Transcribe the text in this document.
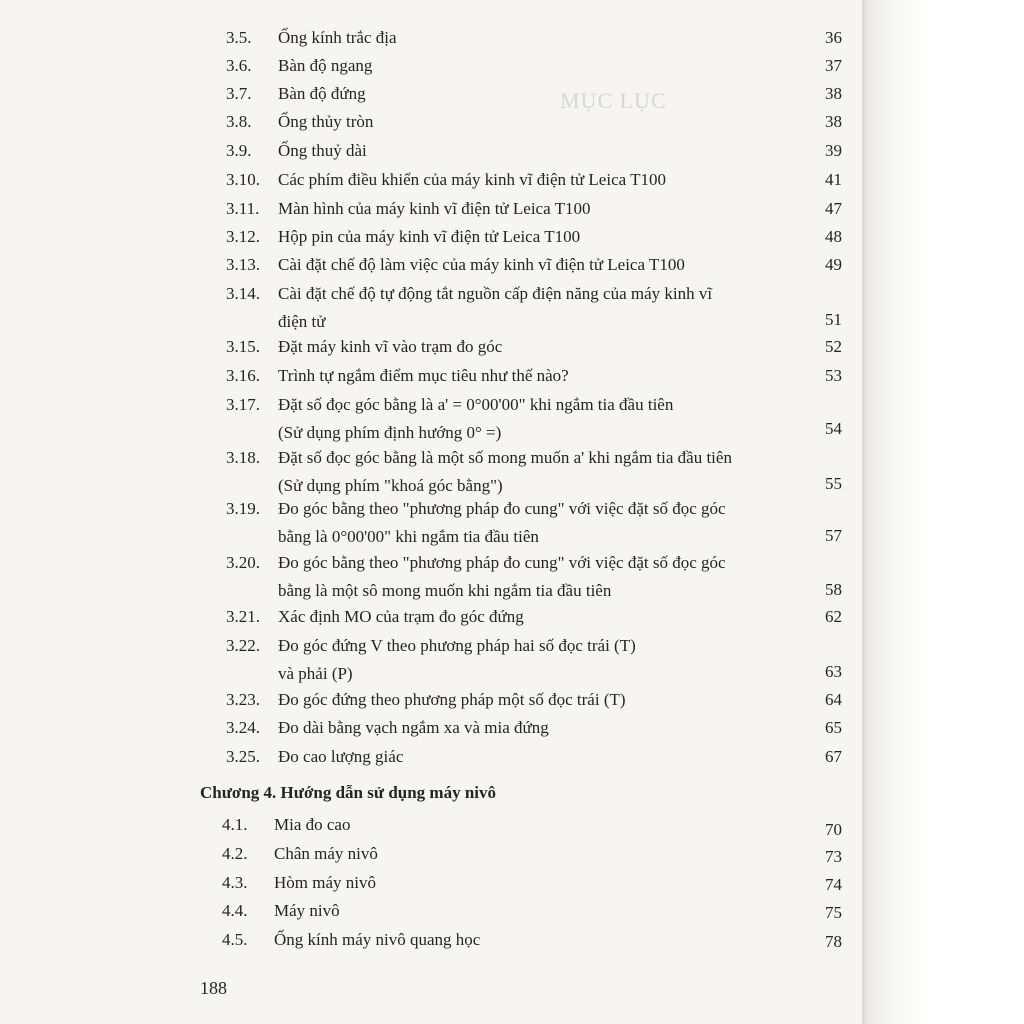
MỤC LỤC
3.5. Ống kính trắc địa	36
3.6. Bàn độ ngang	37
3.7. Bàn độ đứng	38
3.8. Ống thủy tròn	38
3.9. Ống thuỷ dài	39
3.10. Các phím điều khiển của máy kinh vĩ điện tử Leica T100	41
3.11. Màn hình của máy kinh vĩ điện tử Leica T100	47
3.12. Hộp pin của máy kinh vĩ điện tử Leica T100	48
3.13. Cài đặt chế độ làm việc của máy kinh vĩ điện tử Leica T100	49
3.14. Cài đặt chế độ tự động tắt nguồn cấp điện năng của máy kinh vĩ
điện tử	51
3.15. Đặt máy kinh vĩ vào trạm đo góc	52
3.16. Trình tự ngắm điểm mục tiêu như thế nào?	53
3.17. Đặt số đọc góc bằng là a' = 0°00'00" khi ngắm tia đầu tiên
(Sử dụng phím định hướng 0° =)	54
3.18. Đặt số đọc góc bằng là một số mong muốn a' khi ngắm tia đầu tiên
(Sử dụng phím "khoá góc bằng")	55
3.19. Đo góc bằng theo "phương pháp đo cung" với việc đặt số đọc góc
bằng là 0°00'00" khi ngắm tia đầu tiên	57
3.20. Đo góc bằng theo "phương pháp đo cung" với việc đặt số đọc góc
bằng là một sô mong muốn khi ngắm tia đầu tiên	58
3.21. Xác định MO của trạm đo góc đứng	62
3.22. Đo góc đứng V theo phương pháp hai số đọc trái (T)
và phải (P)	63
3.23. Đo góc đứng theo phương pháp một số đọc trái (T)	64
3.24. Đo dài bằng vạch ngắm xa và mia đứng	65
3.25. Đo cao lượng giác	67
Chương 4. Hướng dẫn sử dụng máy nivô
4.1. Mia đo cao	70
4.2. Chân máy nivô	73
4.3. Hòm máy nivô	74
4.4. Máy nivô	75
4.5. Ống kính máy nivô quang học	78
188
